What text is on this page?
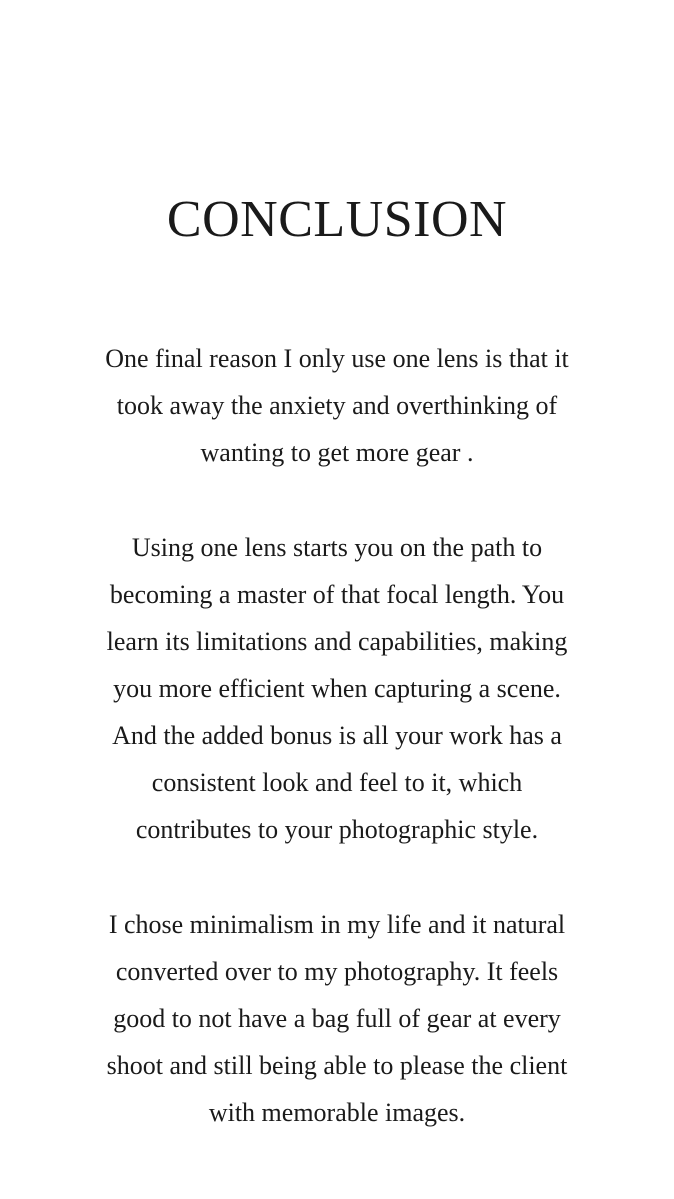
CONCLUSION

One final reason I only use one lens is that it
took away the anxiety and overthinking of
wanting to get more gear .

Using one lens starts you on the path to
becoming a master of that focal length. You
learn its limitations and capabilities, making
you more efficient when capturing a scene.
And the added bonus is all your work has a
consistent look and feel to it, which
contributes to your photographic style.

I chose minimalism in my life and it natural
converted over to my photography. It feels
good to not have a bag full of gear at every
shoot and still being able to please the client
with memorable images.
